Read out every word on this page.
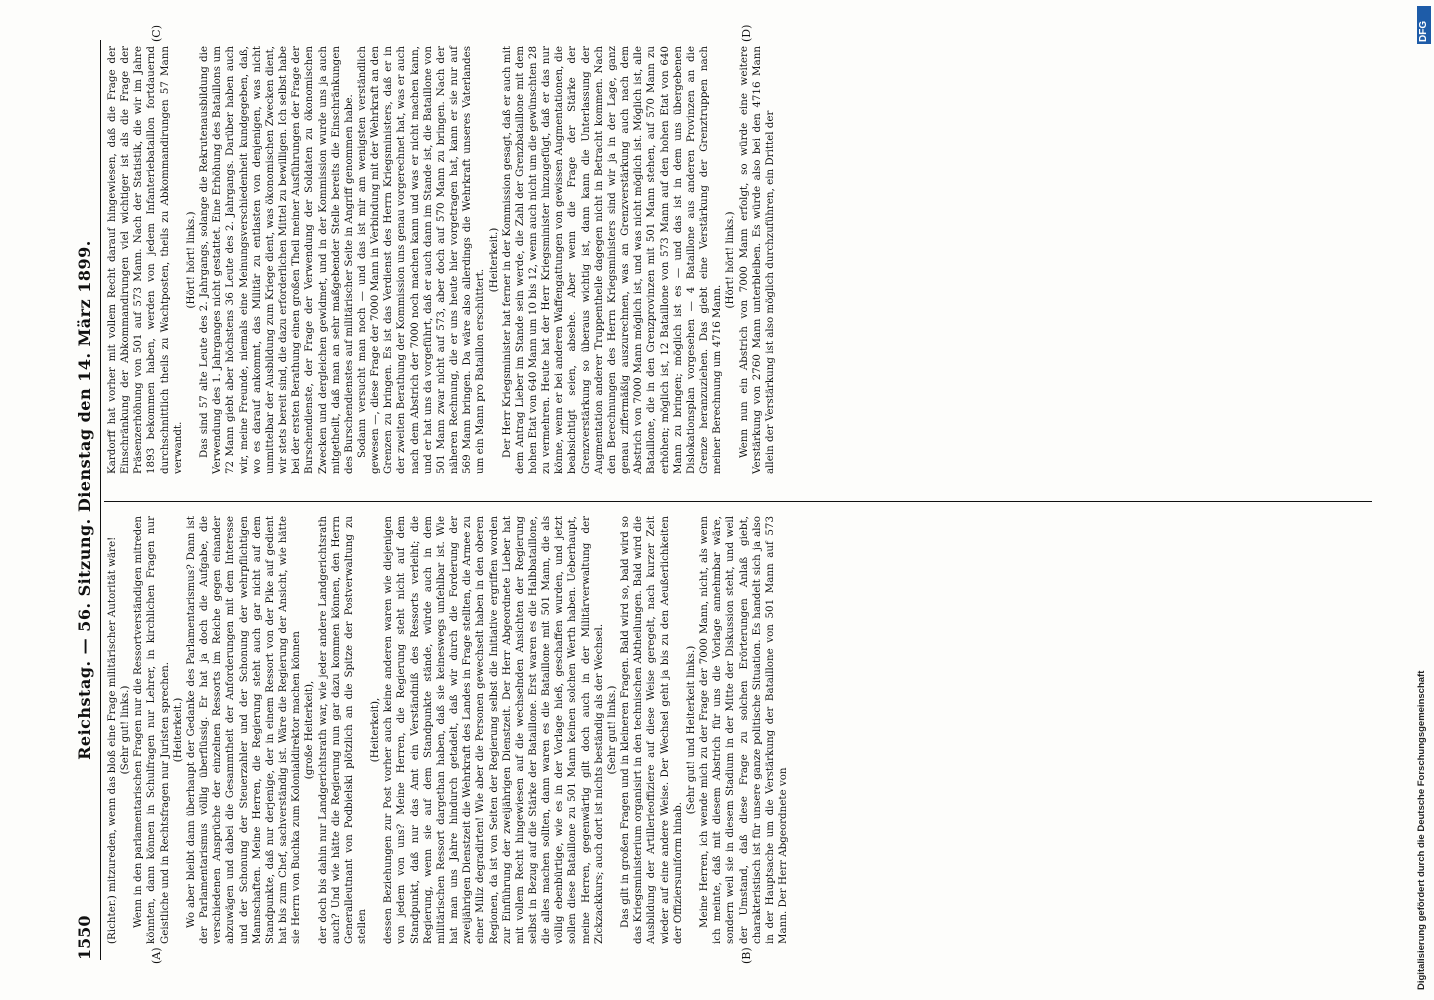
1550
Reichstag. — 56. Sitzung. Dienstag den 14. März 1899.
(A)	(B)
(C)	(D)

(Richter.) mitzureden, wenn das bloß eine Frage militärischer Autorität wäre! (Sehr gut! links.) Wenn in den parlamentarischen Fragen nur die Ressortverständigen mitreden könnten, dann können in Schulfragen nur Lehrer, in kirchlichen Fragen nur Geistliche und in Rechtsfragen nur Juristen sprechen. (Heiterkeit.) Wo aber bleibt dann überhaupt der Gedanke des Parlamentarismus? Dann ist der Parlamentarismus völlig überflüssig. Er hat ja doch die Aufgabe, die verschiedenen Ansprüche der einzelnen Ressorts im Reiche gegen einander abzuwägen und dabei die Gesammtheit der Anforderungen mit dem Interesse und der Schonung der Steuerzahler und der Schonung der wehrpflichtigen Mannschaften. Meine Herren, die Regierung steht auch gar nicht auf dem Standpunkte, daß nur derjenige, der in einem Ressort von der Pike auf gedient hat bis zum Chef, sachverständig ist. Wäre die Regierung der Ansicht, wie hätte sie Herrn von Buchka zum Kolonialdirektor machen können (große Heiterkeit), der doch bis dahin nur Landgerichtsrath war, wie jeder andere Landgerichtsrath auch? Und wie hätte die Regierung nun gar dazu kommen können, den Herrn Generalleutnant von Podbielski plötzlich an die Spitze der Postverwaltung zu stellen

(Heiterkeit), dessen Beziehungen zur Post vorher auch keine anderen waren wie diejenigen von jedem von uns? Meine Herren, die Regierung steht nicht auf dem Standpunkt, daß nur das Amt ein Verständniß des Ressorts verleiht; die Regierung, wenn sie auf dem Standpunkte stände, würde auch in dem militärischen Ressort dargethan haben, daß sie keineswegs unfehlbar ist. Wie hat man uns Jahre hindurch getadelt, daß wir durch die Forderung der zweijährigen Dienstzeit die Wehrkraft des Landes in Frage stellten, die Armee zu einer Miliz degradirten! Wie aber die Personen gewechselt haben in den oberen Regionen, da ist von Seiten der Regierung selbst die Initiative ergriffen worden zur Einführung der zweijährigen Dienstzeit. Der Herr Abgeordnete Lieber hat mit vollem Recht hingewiesen auf die wechselnden Ansichten der Regierung selbst in Bezug auf die Stärke der Bataillone. Erst waren es die Halbbataillone, die alles machen sollten, dann waren es die Bataillone mit 501 Mann, die als völlig ebenbürtige, wie es in der Vorlage hieß, geschaffen wurden, und jetzt sollen diese Bataillone zu 501 Mann keinen solchen Werth haben. Ueberhaupt, meine Herren, gegenwärtig gilt doch auch in der Militärverwaltung der Zickzackkurs; auch dort ist nichts beständig als der Wechsel. (Sehr gut! links.) Das gilt in großen Fragen und in kleineren Fragen. Bald wird so, bald wird so das Kriegsministerium organisirt in den technischen Abtheilungen. Bald wird die Ausbildung der Artillerieoffiziere auf diese Weise geregelt, nach kurzer Zeit wieder auf eine andere Weise. Der Wechsel geht ja bis zu den Aeußerlichkeiten der Offiziersuniform hinab.

(Sehr gut! und Heiterkeit links.) Meine Herren, ich wende mich zu der Frage der 7000 Mann, nicht, als wenn ich meinte, daß mit diesem Abstrich für uns die Vorlage annehmbar wäre, sondern weil sie in diesem Stadium in der Mitte der Diskussion steht, und weil der Umstand, daß diese Frage zu solchen Erörterungen Anlaß giebt, charakteristisch ist für unsere ganze politische Situation. Es handelt sich ja also in der Hauptsache um die Verstärkung der Bataillone von 501 Mann auf 573 Mann. Der Herr Abgeordnete von

Kardorff hat vorher mit vollem Recht darauf hingewiesen, daß die Frage der Einschränkung der Abkommandirungen viel wichtiger ist als die Frage der Präsenzerhöhung von 501 auf 573 Mann. Nach der Statistik, die wir im Jahre 1893 bekommen haben, werden von jedem Infanteriebataillon fortdauernd durchschnittlich theils zu Wachtposten, theils zu Abkommandirungen 57 Mann verwandt.

(Hört! hört! links.) Das sind 57 alte Leute des 2. Jahrgangs, solange die Rekrutenausbildung die Verwendung des 1. Jahrganges nicht gestattet. Eine Erhöhung des Bataillons um 72 Mann giebt aber höchstens 36 Leute des 2. Jahrgangs. Darüber haben auch wir, meine Freunde, niemals eine Meinungsverschiedenheit kundgegeben, daß, wo es darauf ankommt, das Militär zu entlasten von denjenigen, was nicht unmittelbar der Ausbildung zum Kriege dient, was ökonomischen Zwecken dient, wir stets bereit sind, die dazu erforderlichen Mittel zu bewilligen. Ich selbst habe bei der ersten Berathung einen großen Theil meiner Ausführungen der Frage der Burschendienste, der Frage der Verwendung der Soldaten zu ökonomischen Zwecken und dergleichen gewidmet, und in der Kommission wurde uns ja auch mitgetheilt, daß man an sehr maßgebender Stelle bereits die Einschränkungen des Burschendienstes auf militärischer Seite in Angriff genommen habe. Sodann versucht man noch — und das ist mir am wenigsten verständlich gewesen —, diese Frage der 7000 Mann in Verbindung mit der Wehrkraft an den Grenzen zu bringen. Es ist das Verdienst des Herrn Kriegsministers, daß er in der zweiten Berathung der Kommission uns genau vorgerechnet hat, was er auch nach dem Abstrich der 7000 noch machen kann und was er nicht machen kann, und er hat uns da vorgeführt, daß er auch dann im Stande ist, die Bataillone von 501 Mann zwar nicht auf 573, aber doch auf 570 Mann zu bringen. Nach der näheren Rechnung, die er uns heute hier vorgetragen hat, kann er sie nur auf 569 Mann bringen. Da wäre also allerdings die Wehrkraft unseres Vaterlandes um ein Mann pro Bataillon erschüttert.

(Heiterkeit.) Der Herr Kriegsminister hat ferner in der Kommission gesagt, daß er auch mit dem Antrag Lieber im Stande sein werde, die Zahl der Grenzbataillone mit dem hohen Etat von 640 Mann um 10 bis 12, wenn auch nicht um die gewünschten 28 zu vermehren. Heute hat der Herr Kriegsminister hinzugefügt, daß er das nur könne, wenn er bei anderen Waffengattungen von gewissen Augmentationen, die beabsichtigt seien, absehe. Aber wenn die Frage der Stärke der Grenzverstärkung so überaus wichtig ist, dann kann die Unterlassung der Augmentation anderer Truppentheile dagegen nicht in Betracht kommen. Nach den Berechnungen des Herrn Kriegsministers sind wir ja in der Lage, ganz genau ziffermäßig auszurechnen, was an Grenzverstärkung auch nach dem Abstrich von 7000 Mann möglich ist, und was nicht möglich ist. Möglich ist, alle Bataillone, die in den Grenzprovinzen mit 501 Mann stehen, auf 570 Mann zu erhöhen; möglich ist, 12 Bataillone von 573 Mann auf den hohen Etat von 640 Mann zu bringen; möglich ist es — und das ist in dem uns übergebenen Dislokationsplan vorgesehen — 4 Bataillone aus anderen Provinzen an die Grenze heranzuziehen. Das giebt eine Verstärkung der Grenztruppen nach meiner Berechnung um 4716 Mann.

(Hört! hört! links.) Wenn nun ein Abstrich von 7000 Mann erfolgt, so würde eine weitere Verstärkung von 2760 Mann unterbleiben. Es würde also bei den 4716 Mann allein der Verstärkung ist also möglich durchzuführen, ein Drittel der

Digitalisierung gefördert durch die Deutsche Forschungsgemeinschaft
DFG
